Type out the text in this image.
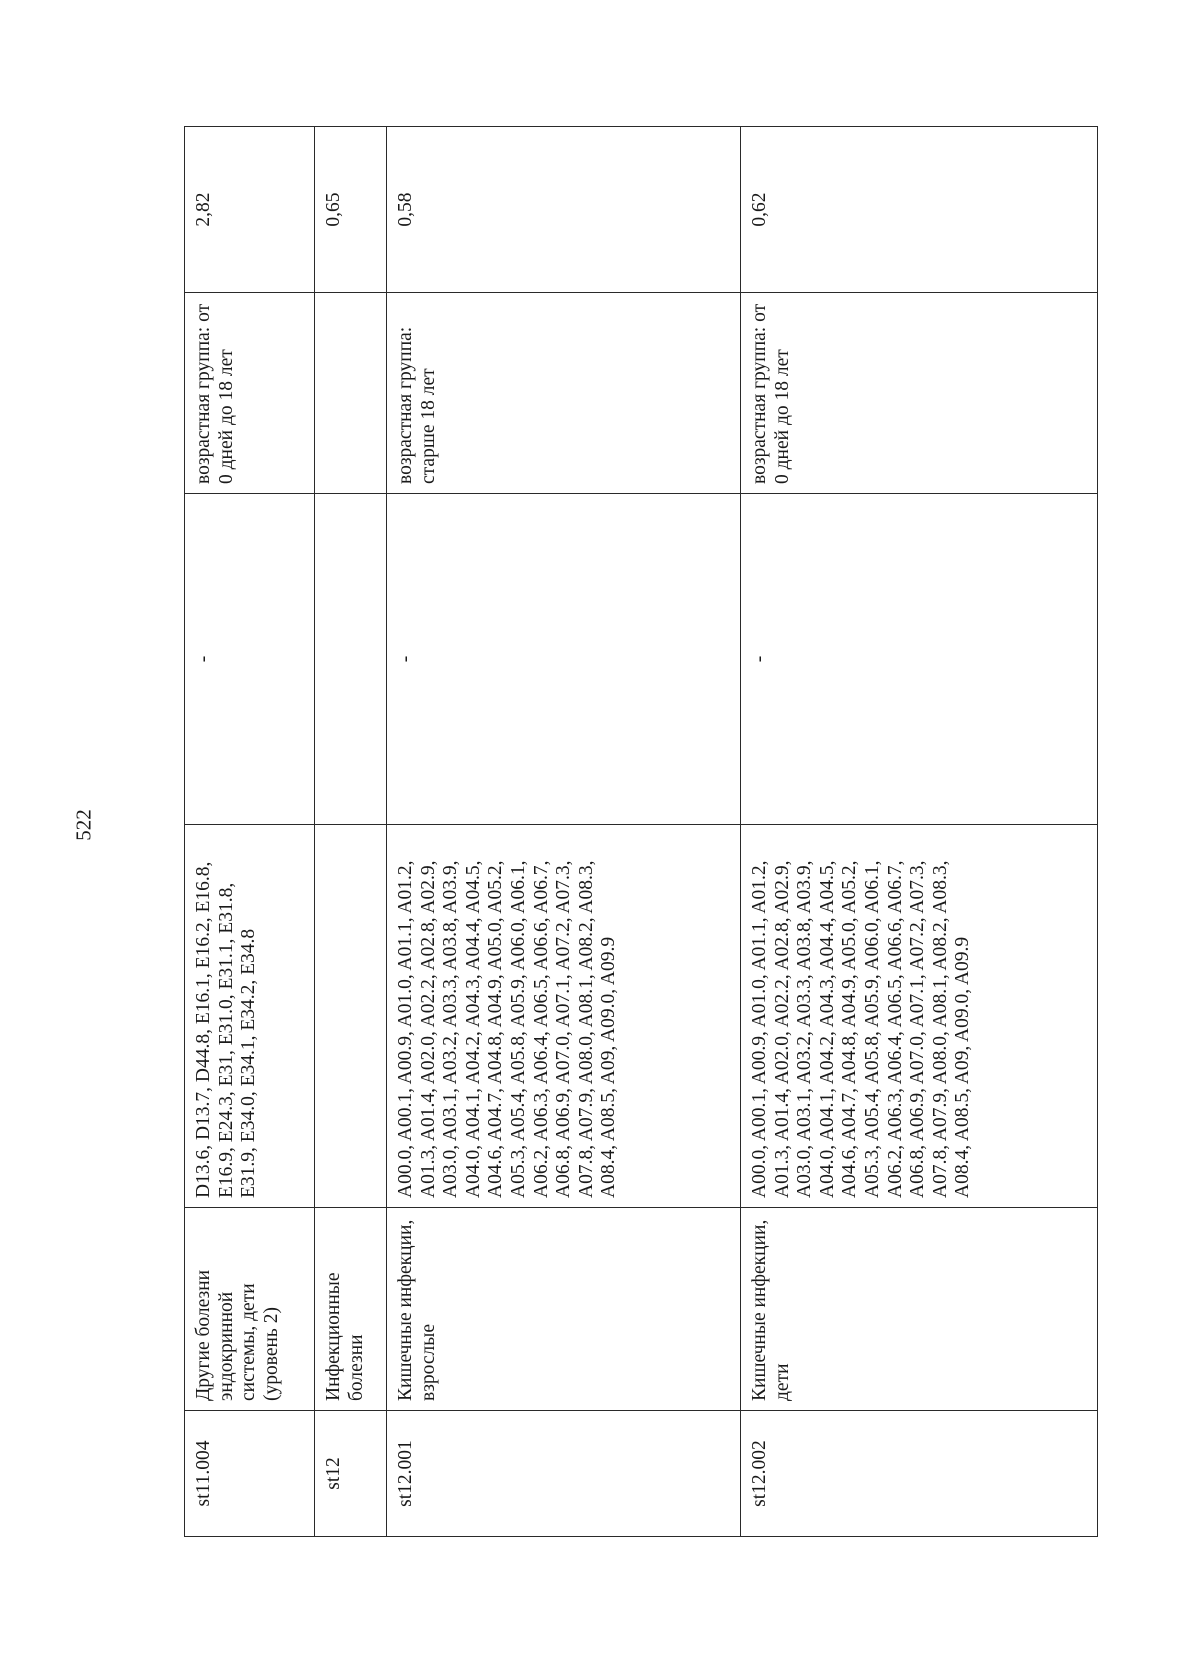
522
st11.004	Другие болезни эндокринной системы, дети (уровень 2)	D13.6, D13.7, D44.8, E16.1, E16.2, E16.8, E16.9, E24.3, E31, E31.0, E31.1, E31.8, E31.9, E34.0, E34.1, E34.2, E34.8	-	возрастная группа: от 0 дней до 18 лет	2,82
st12	Инфекционные болезни				0,65
st12.001	Кишечные инфекции, взрослые	A00.0, A00.1, A00.9, A01.0, A01.1, A01.2, A01.3, A01.4, A02.0, A02.2, A02.8, A02.9, A03.0, A03.1, A03.2, A03.3, A03.8, A03.9, A04.0, A04.1, A04.2, A04.3, A04.4, A04.5, A04.6, A04.7, A04.8, A04.9, A05.0, A05.2, A05.3, A05.4, A05.8, A05.9, A06.0, A06.1, A06.2, A06.3, A06.4, A06.5, A06.6, A06.7, A06.8, A06.9, A07.0, A07.1, A07.2, A07.3, A07.8, A07.9, A08.0, A08.1, A08.2, A08.3, A08.4, A08.5, A09, A09.0, A09.9	-	возрастная группа: старше 18 лет	0,58
st12.002	Кишечные инфекции, дети	A00.0, A00.1, A00.9, A01.0, A01.1, A01.2, A01.3, A01.4, A02.0, A02.2, A02.8, A02.9, A03.0, A03.1, A03.2, A03.3, A03.8, A03.9, A04.0, A04.1, A04.2, A04.3, A04.4, A04.5, A04.6, A04.7, A04.8, A04.9, A05.0, A05.2, A05.3, A05.4, A05.8, A05.9, A06.0, A06.1, A06.2, A06.3, A06.4, A06.5, A06.6, A06.7, A06.8, A06.9, A07.0, A07.1, A07.2, A07.3, A07.8, A07.9, A08.0, A08.1, A08.2, A08.3, A08.4, A08.5, A09, A09.0, A09.9	-	возрастная группа: от 0 дней до 18 лет	0,62
